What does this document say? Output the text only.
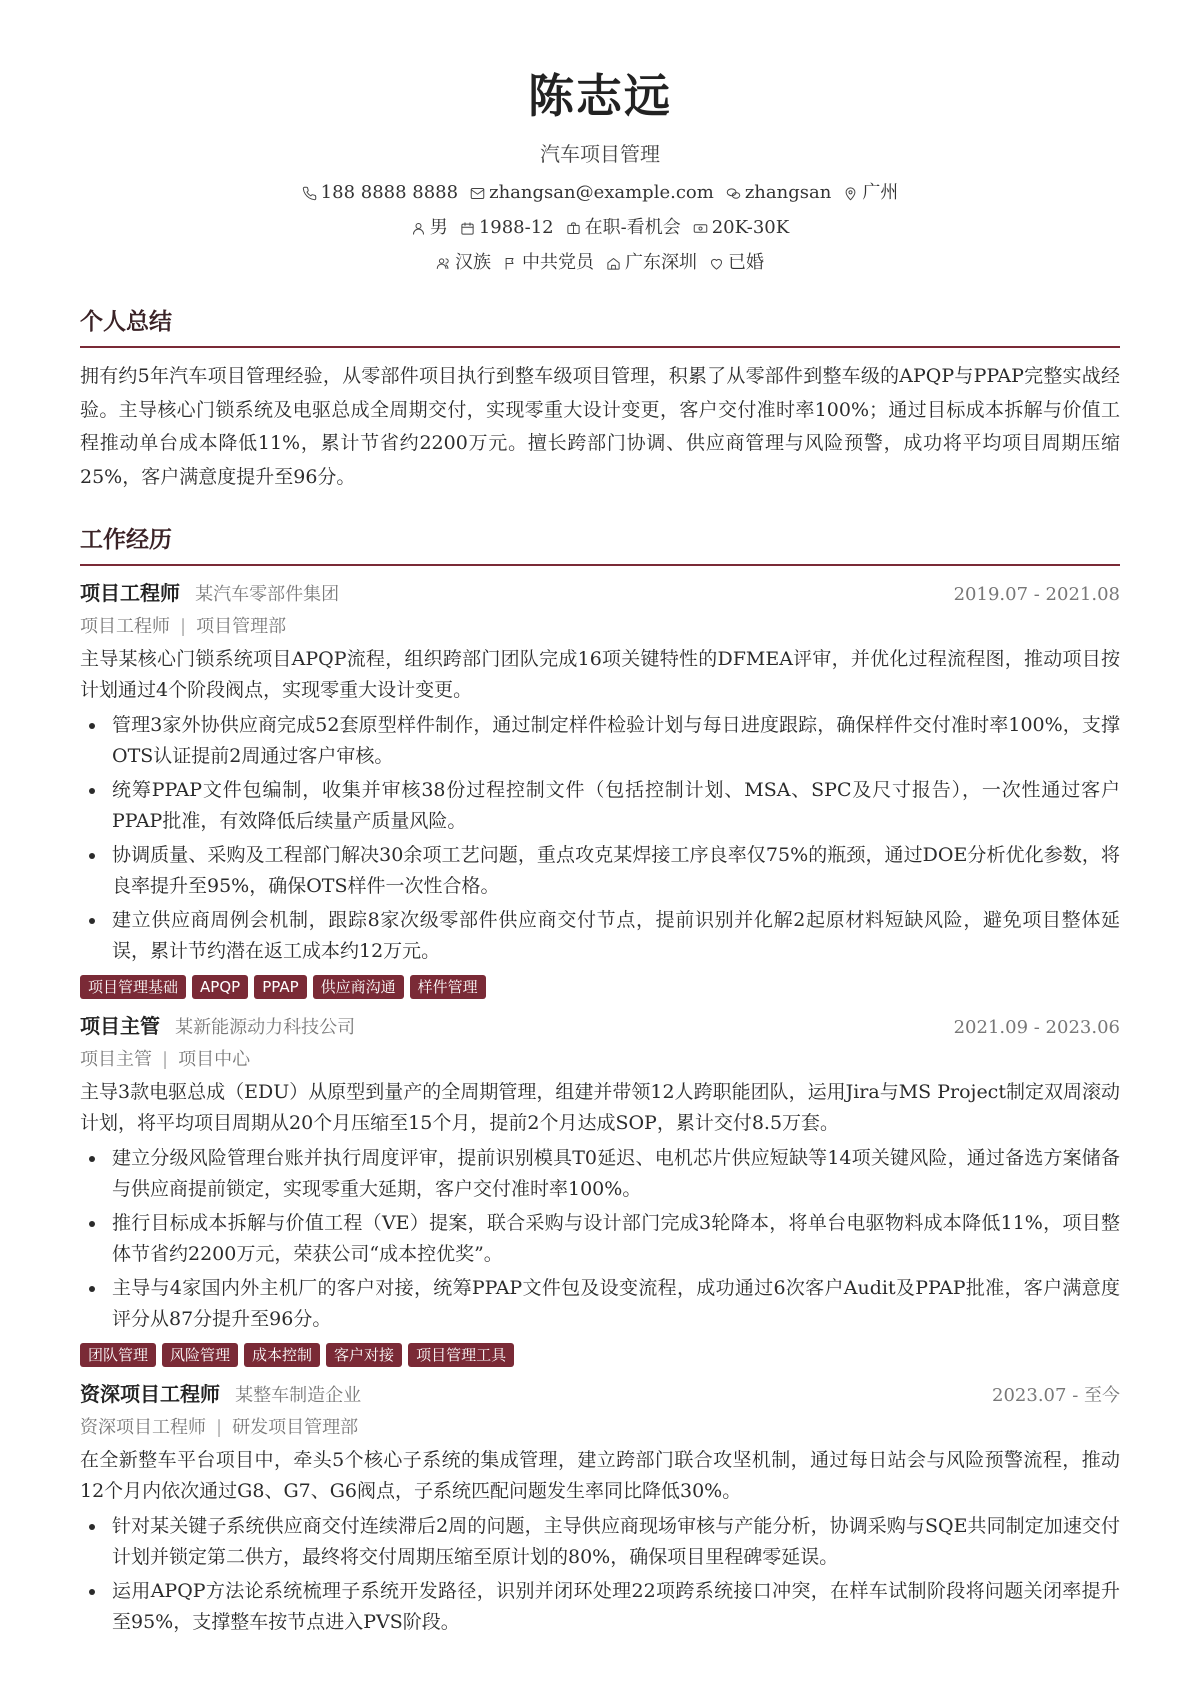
陈志远
汽车项目管理
188 8888 8888 zhangsan@example.com zhangsan 广州
男 1988-12 在职-看机会 20K-30K
汉族 中共党员 广东深圳 已婚
个人总结

拥有约5年汽车项目管理经验，从零部件项目执行到整车级项目管理，积累了从零部件到整车级的APQP与PPAP完整实战经验。主导核心门锁系统及电驱总成全周期交付，实现零重大设计变更，客户交付准时率100%；通过目标成本拆解与价值工程推动单台成本降低11%，累计节省约2200万元。擅长跨部门协调、供应商管理与风险预警，成功将平均项目周期压缩25%，客户满意度提升至96分。

工作经历
项目工程师 某汽车零部件集团	2019.07 - 2021.08
项目工程师 | 项目管理部

主导某核心门锁系统项目APQP流程，组织跨部门团队完成16项关键特性的DFMEA评审，并优化过程流程图，推动项目按计划通过4个阶段阀点，实现零重大设计变更。

管理3家外协供应商完成52套原型样件制作，通过制定样件检验计划与每日进度跟踪，确保样件交付准时率100%，支撑OTS认证提前2周通过客户审核。
统筹PPAP文件包编制，收集并审核38份过程控制文件（包括控制计划、MSA、SPC及尺寸报告），一次性通过客户PPAP批准，有效降低后续量产质量风险。
协调质量、采购及工程部门解决30余项工艺问题，重点攻克某焊接工序良率仅75%的瓶颈，通过DOE分析优化参数，将良率提升至95%，确保OTS样件一次性合格。
建立供应商周例会机制，跟踪8家次级零部件供应商交付节点，提前识别并化解2起原材料短缺风险，避免项目整体延误，累计节约潜在返工成本约12万元。
项目管理基础	APQP	PPAP	供应商沟通	样件管理
项目主管 某新能源动力科技公司	2021.09 - 2023.06
项目主管 | 项目中心

主导3款电驱总成（EDU）从原型到量产的全周期管理，组建并带领12人跨职能团队，运用Jira与MS Project制定双周滚动计划，将平均项目周期从20个月压缩至15个月，提前2个月达成SOP，累计交付8.5万套。

建立分级风险管理台账并执行周度评审，提前识别模具T0延迟、电机芯片供应短缺等14项关键风险，通过备选方案储备与供应商提前锁定，实现零重大延期，客户交付准时率100%。
推行目标成本拆解与价值工程（VE）提案，联合采购与设计部门完成3轮降本，将单台电驱物料成本降低11%，项目整体节省约2200万元，荣获公司“成本控优奖”。
主导与4家国内外主机厂的客户对接，统筹PPAP文件包及设变流程，成功通过6次客户Audit及PPAP批准，客户满意度评分从87分提升至96分。
团队管理	风险管理	成本控制	客户对接	项目管理工具
资深项目工程师 某整车制造企业	2023.07 - 至今
资深项目工程师 | 研发项目管理部

在全新整车平台项目中，牵头5个核心子系统的集成管理，建立跨部门联合攻坚机制，通过每日站会与风险预警流程，推动12个月内依次通过G8、G7、G6阀点，子系统匹配问题发生率同比降低30%。

针对某关键子系统供应商交付连续滞后2周的问题，主导供应商现场审核与产能分析，协调采购与SQE共同制定加速交付计划并锁定第二供方，最终将交付周期压缩至原计划的80%，确保项目里程碑零延误。
运用APQP方法论系统梳理子系统开发路径，识别并闭环处理22项跨系统接口冲突，在样车试制阶段将问题关闭率提升至95%，支撑整车按节点进入PVS阶段。
